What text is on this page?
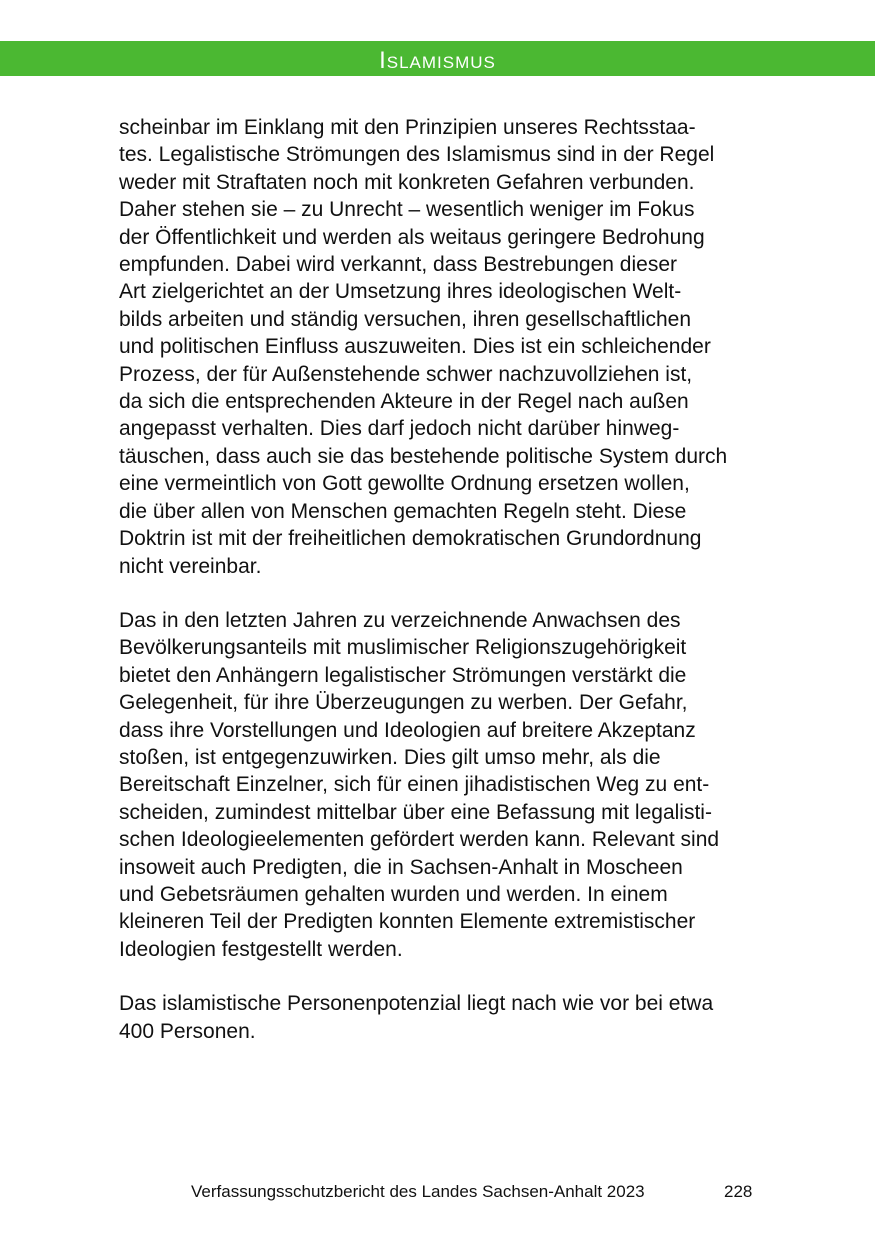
Islamismus

scheinbar im Einklang mit den Prinzipien unseres Rechtsstaa-
tes. Legalistische Strömungen des Islamismus sind in der Regel
weder mit Straftaten noch mit konkreten Gefahren verbunden.
Daher stehen sie – zu Unrecht – wesentlich weniger im Fokus
der Öffentlichkeit und werden als weitaus geringere Bedrohung
empfunden. Dabei wird verkannt, dass Bestrebungen dieser
Art zielgerichtet an der Umsetzung ihres ideologischen Welt-
bilds arbeiten und ständig versuchen, ihren gesellschaftlichen
und politischen Einfluss auszuweiten. Dies ist ein schleichender
Prozess, der für Außenstehende schwer nachzuvollziehen ist,
da sich die entsprechenden Akteure in der Regel nach außen
angepasst verhalten. Dies darf jedoch nicht darüber hinweg-
täuschen, dass auch sie das bestehende politische System durch
eine vermeintlich von Gott gewollte Ordnung ersetzen wollen,
die über allen von Menschen gemachten Regeln steht. Diese
Doktrin ist mit der freiheitlichen demokratischen Grundordnung
nicht vereinbar.

Das in den letzten Jahren zu verzeichnende Anwachsen des
Bevölkerungsanteils mit muslimischer Religionszugehörigkeit
bietet den Anhängern legalistischer Strömungen verstärkt die
Gelegenheit, für ihre Überzeugungen zu werben. Der Gefahr,
dass ihre Vorstellungen und Ideologien auf breitere Akzeptanz
stoßen, ist entgegenzuwirken. Dies gilt umso mehr, als die
Bereitschaft Einzelner, sich für einen jihadistischen Weg zu ent-
scheiden, zumindest mittelbar über eine Befassung mit legalisti-
schen Ideologieelementen gefördert werden kann. Relevant sind
insoweit auch Predigten, die in Sachsen-Anhalt in Moscheen
und Gebetsräumen gehalten wurden und werden. In einem
kleineren Teil der Predigten konnten Elemente extremistischer
Ideologien festgestellt werden.

Das islamistische Personenpotenzial liegt nach wie vor bei etwa
400 Personen.

Verfassungsschutzbericht des Landes Sachsen-Anhalt 2023	228
